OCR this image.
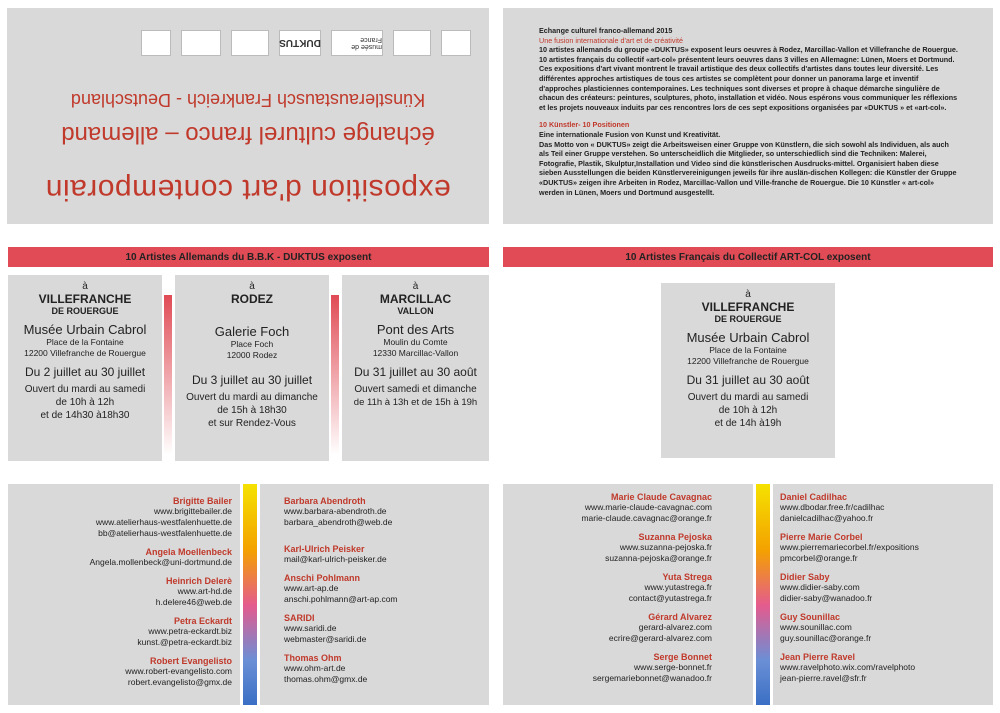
exposition d'art contemporain
échange culturel franco – allemand
Künstleraustausch Frankreich - Deutschland
musée de France
DUKTUS
Echange culturel franco-allemand 2015
Une fusion internationale d'art et de créativité

10 artistes allemands du groupe «DUKTUS» exposent leurs oeuvres à Rodez, Marcillac-Vallon et Villefranche de Rouergue. 10 artistes français du collectif «art-col» présentent leurs oeuvres dans 3 villes en Allemagne: Lünen, Moers et Dortmund. Ces expositions d'art vivant montrent le travail artistique des deux collectifs d'artistes dans toutes leur diversité. Les différentes approches artistiques de tous ces artistes se complètent pour donner un panorama large et inventif d'approches plasticiennes contemporaines. Les techniques sont diverses et propre à chaque démarche singulière de chacun des créateurs: peintures, sculptures, photo, installation et vidéo. Nous espérons vous communiquer les réflexions et les projets nouveaux induits par ces rencontres lors de ces sept expositions organisées par «DUKTUS » et «art-col».

10 Künstler- 10 Positionen
Eine internationale Fusion von Kunst und Kreativität.

Das Motto von « DUKTUS» zeigt die Arbeitsweisen einer Gruppe von Künstlern, die sich sowohl als Individuen, als auch als Teil einer Gruppe verstehen. So unterscheidlich die Mitglieder, so unterschiedlich sind die Techniken: Malerei, Fotografie, Plastik, Skulptur,Installation und Video sind die künstlerischen Ausdrucks-mittel. Organisiert haben diese sieben Ausstellungen die beiden Künstlervereinigungen jeweils für ihre auslän-dischen Kollegen: die Künstler der Gruppe «DUKTUS» zeigen ihre Arbeiten in Rodez, Marcillac-Vallon und Ville-franche de Rouergue. Die 10 Künstler « art-col» werden in Lünen, Moers und Dortmund ausgestellt.

10 Artistes Allemands du B.B.K - DUKTUS exposent	10 Artistes Français du Collectif ART-COL exposent
à
VILLEFRANCHE
DE ROUERGUE
Musée Urbain Cabrol
Place de la Fontaine
12200 Villefranche de Rouergue
Du 2 juillet au 30 juillet
Ouvert du mardi au samedi
de 10h à 12h
et de 14h30 à18h30
à
RODEZ
Galerie Foch
Place Foch
12000 Rodez
Du 3 juillet au 30 juillet
Ouvert du mardi au dimanche
de 15h à 18h30
et sur Rendez-Vous
à
MARCILLAC
VALLON
Pont des Arts
Moulin du Comte
12330 Marcillac-Vallon
Du 31 juillet au 30 août
Ouvert samedi et dimanche
de 11h à 13h et de 15h à 19h
à
VILLEFRANCHE
DE ROUERGUE
Musée Urbain Cabrol
Place de la Fontaine
12200 Villefranche de Rouergue
Du 31 juillet au 30 août
Ouvert du mardi au samedi
de 10h à 12h
et de 14h à19h
Brigitte Bailer
www.brigittebailer.de
www.atelierhaus-westfalenhuette.de
bb@atelierhaus-westfalenhuette.de
Angela Moellenbeck
Angela.mollenbeck@uni-dortmund.de
Heinrich Delerè
www.art-hd.de
h.delere46@web.de
Petra Eckardt
www.petra-eckardt.biz
kunst.@petra-eckardt.biz
Robert Evangelisto
www.robert-evangelisto.com
robert.evangelisto@gmx.de
Barbara Abendroth
www.barbara-abendroth.de
barbara_abendroth@web.de
Karl-Ulrich Peisker
mail@karl-ulrich-peisker.de
Anschi Pohlmann
www.art-ap.de
anschi.pohlmann@art-ap.com
SARIDI
www.saridi.de
webmaster@saridi.de
Thomas Ohm
www.ohm-art.de
thomas.ohm@gmx.de
Marie Claude Cavagnac
www.marie-claude-cavagnac.com
marie-claude.cavagnac@orange.fr
Suzanna Pejoska
www.suzanna-pejoska.fr
suzanna-pejoska@orange.fr
Yuta Strega
www.yutastrega.fr
contact@yutastrega.fr
Gérard Alvarez
gerard-alvarez.com
ecrire@gerard-alvarez.com
Serge Bonnet
www.serge-bonnet.fr
sergemariebonnet@wanadoo.fr
Daniel Cadilhac
www.dbodar.free.fr/cadilhac
danielcadilhac@yahoo.fr
Pierre Marie Corbel
www.pierremariecorbel.fr/expositions
pmcorbel@orange.fr
Didier Saby
www.didier-saby.com
didier-saby@wanadoo.fr
Guy Sounillac
www.sounillac.com
guy.sounillac@orange.fr
Jean Pierre Ravel
www.ravelphoto.wix.com/ravelphoto
jean-pierre.ravel@sfr.fr
